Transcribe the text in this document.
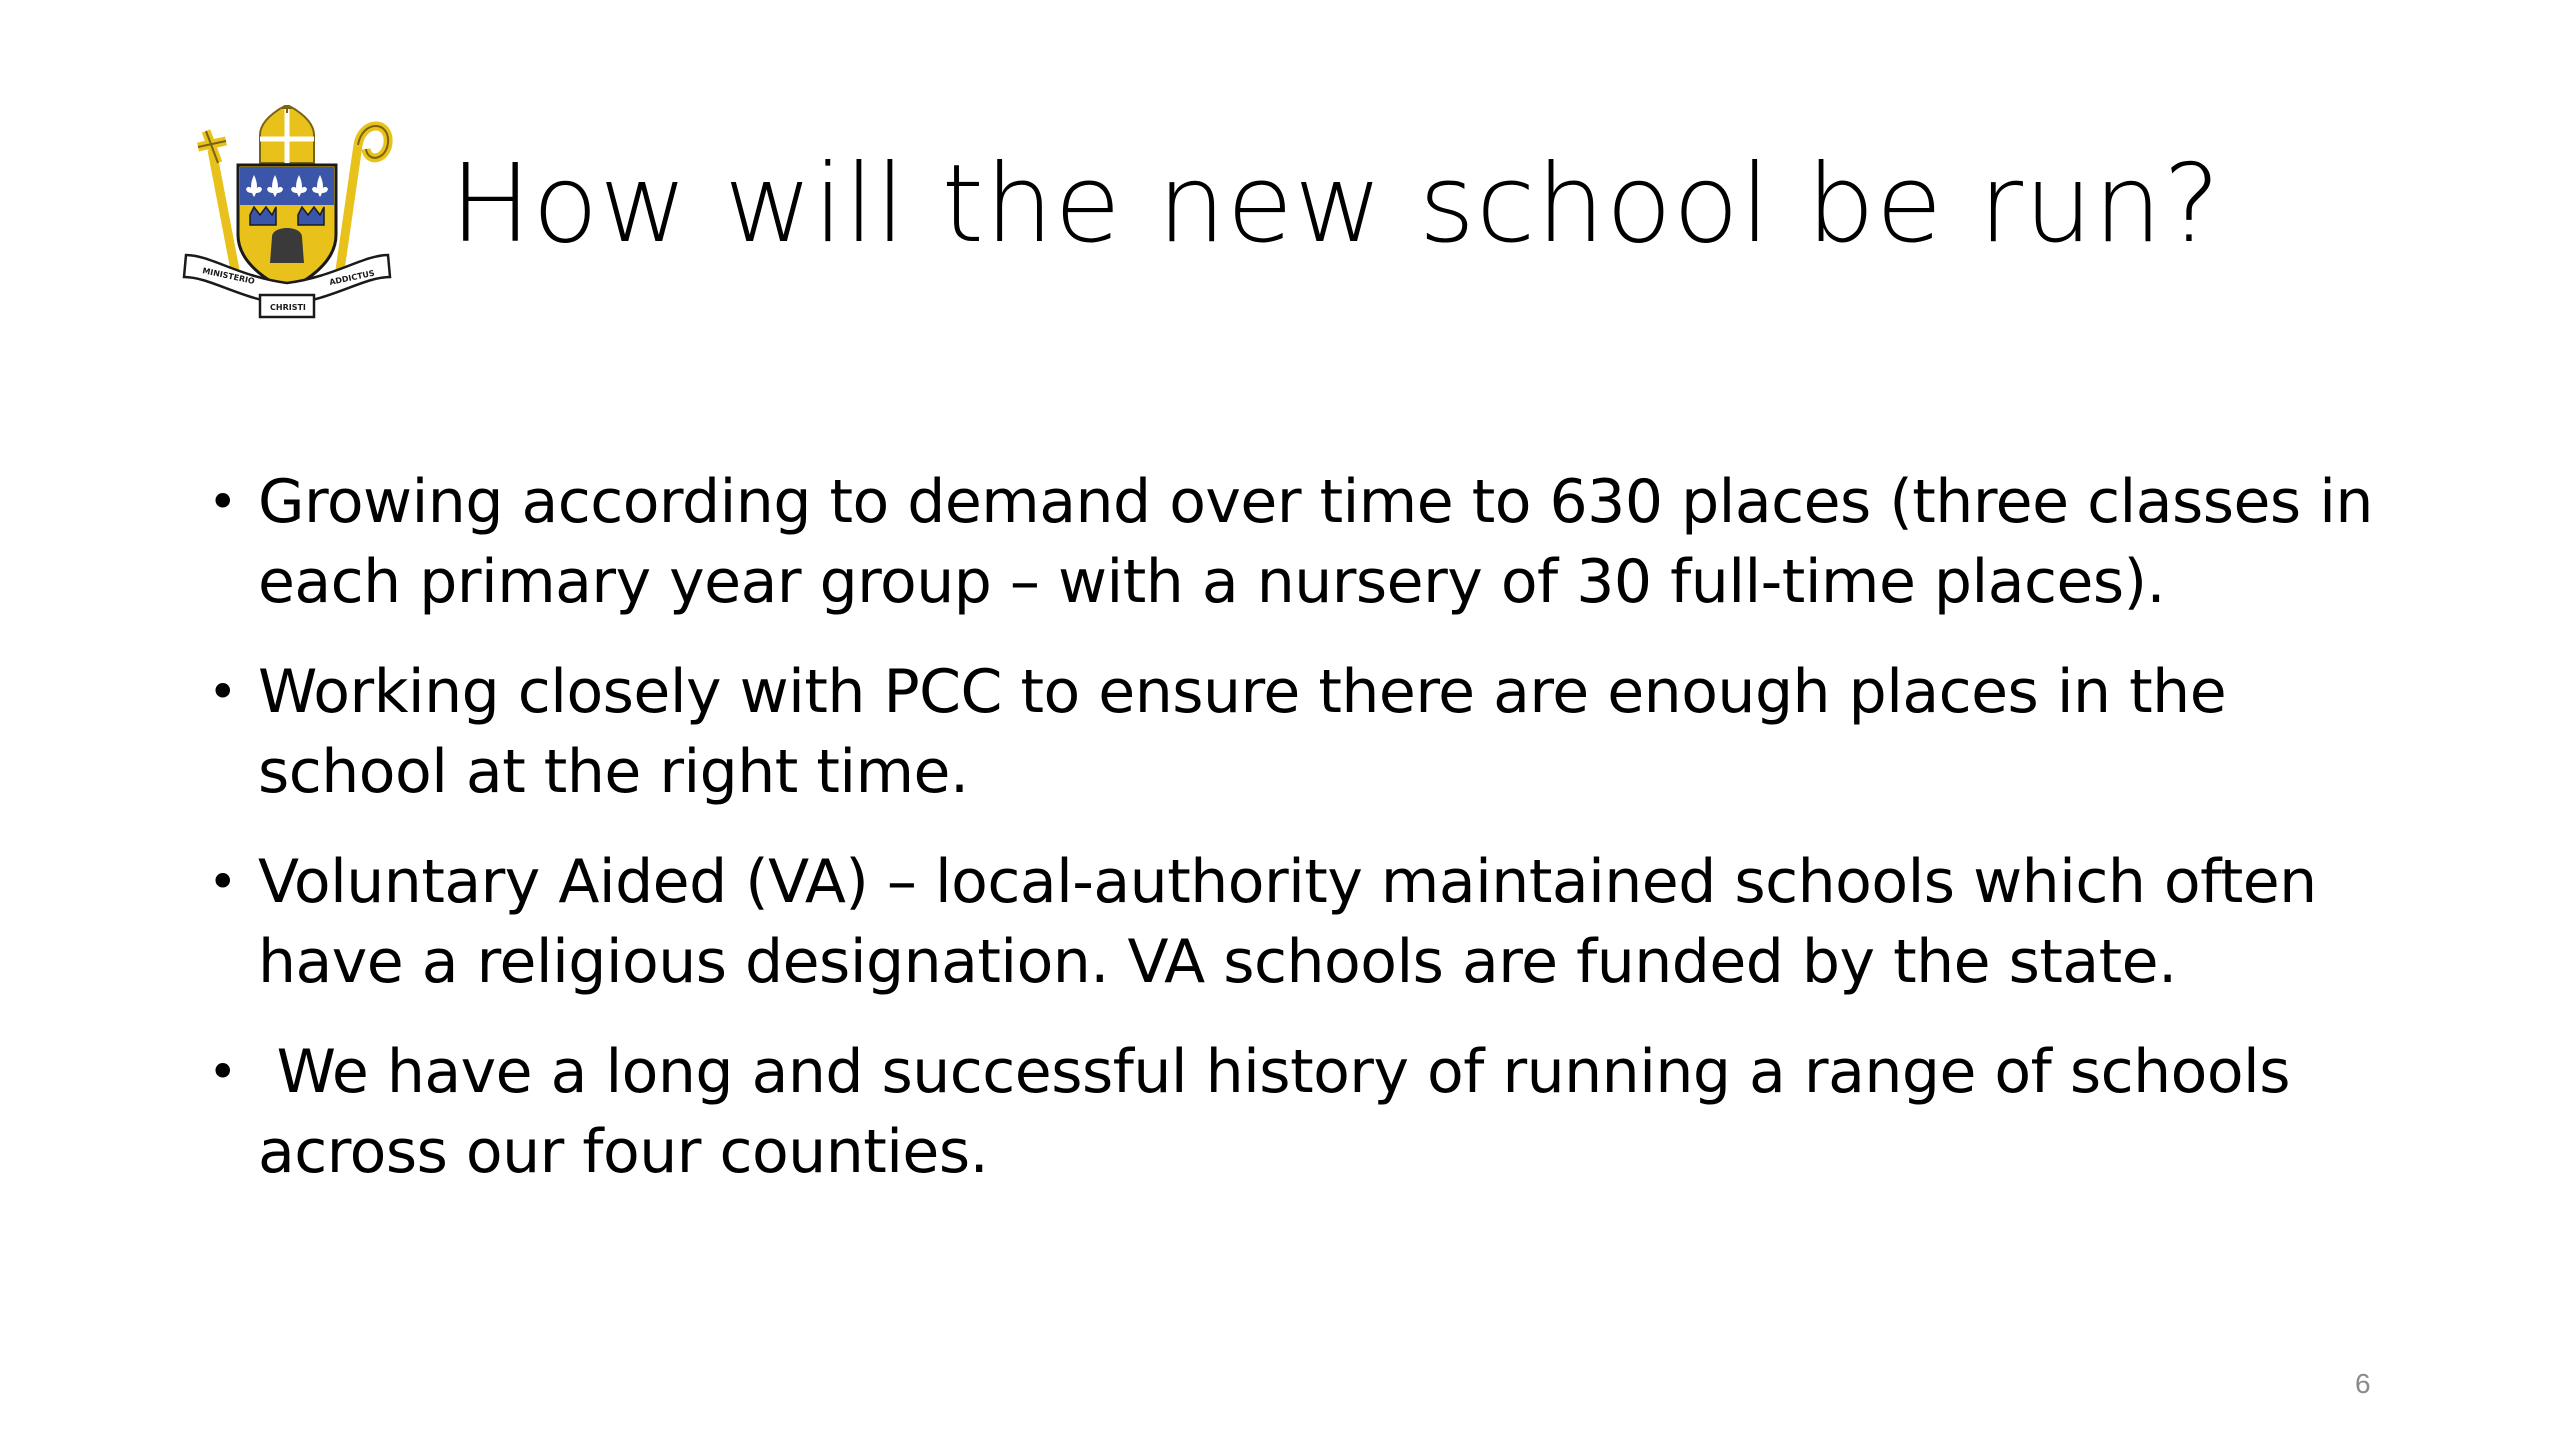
MINISTERIO	ADDICTUS
CHRISTI
How will the new school be run?
• Growing according to demand over time to 630 places (three classes in each primary year group – with a nursery of 30 full-time places).
• Working closely with PCC to ensure there are enough places in the school at the right time.
• Voluntary Aided (VA) – local-authority maintained schools which often have a religious designation. VA schools are funded by the state.
• We have a long and successful history of running a range of schools across our four counties.
6
